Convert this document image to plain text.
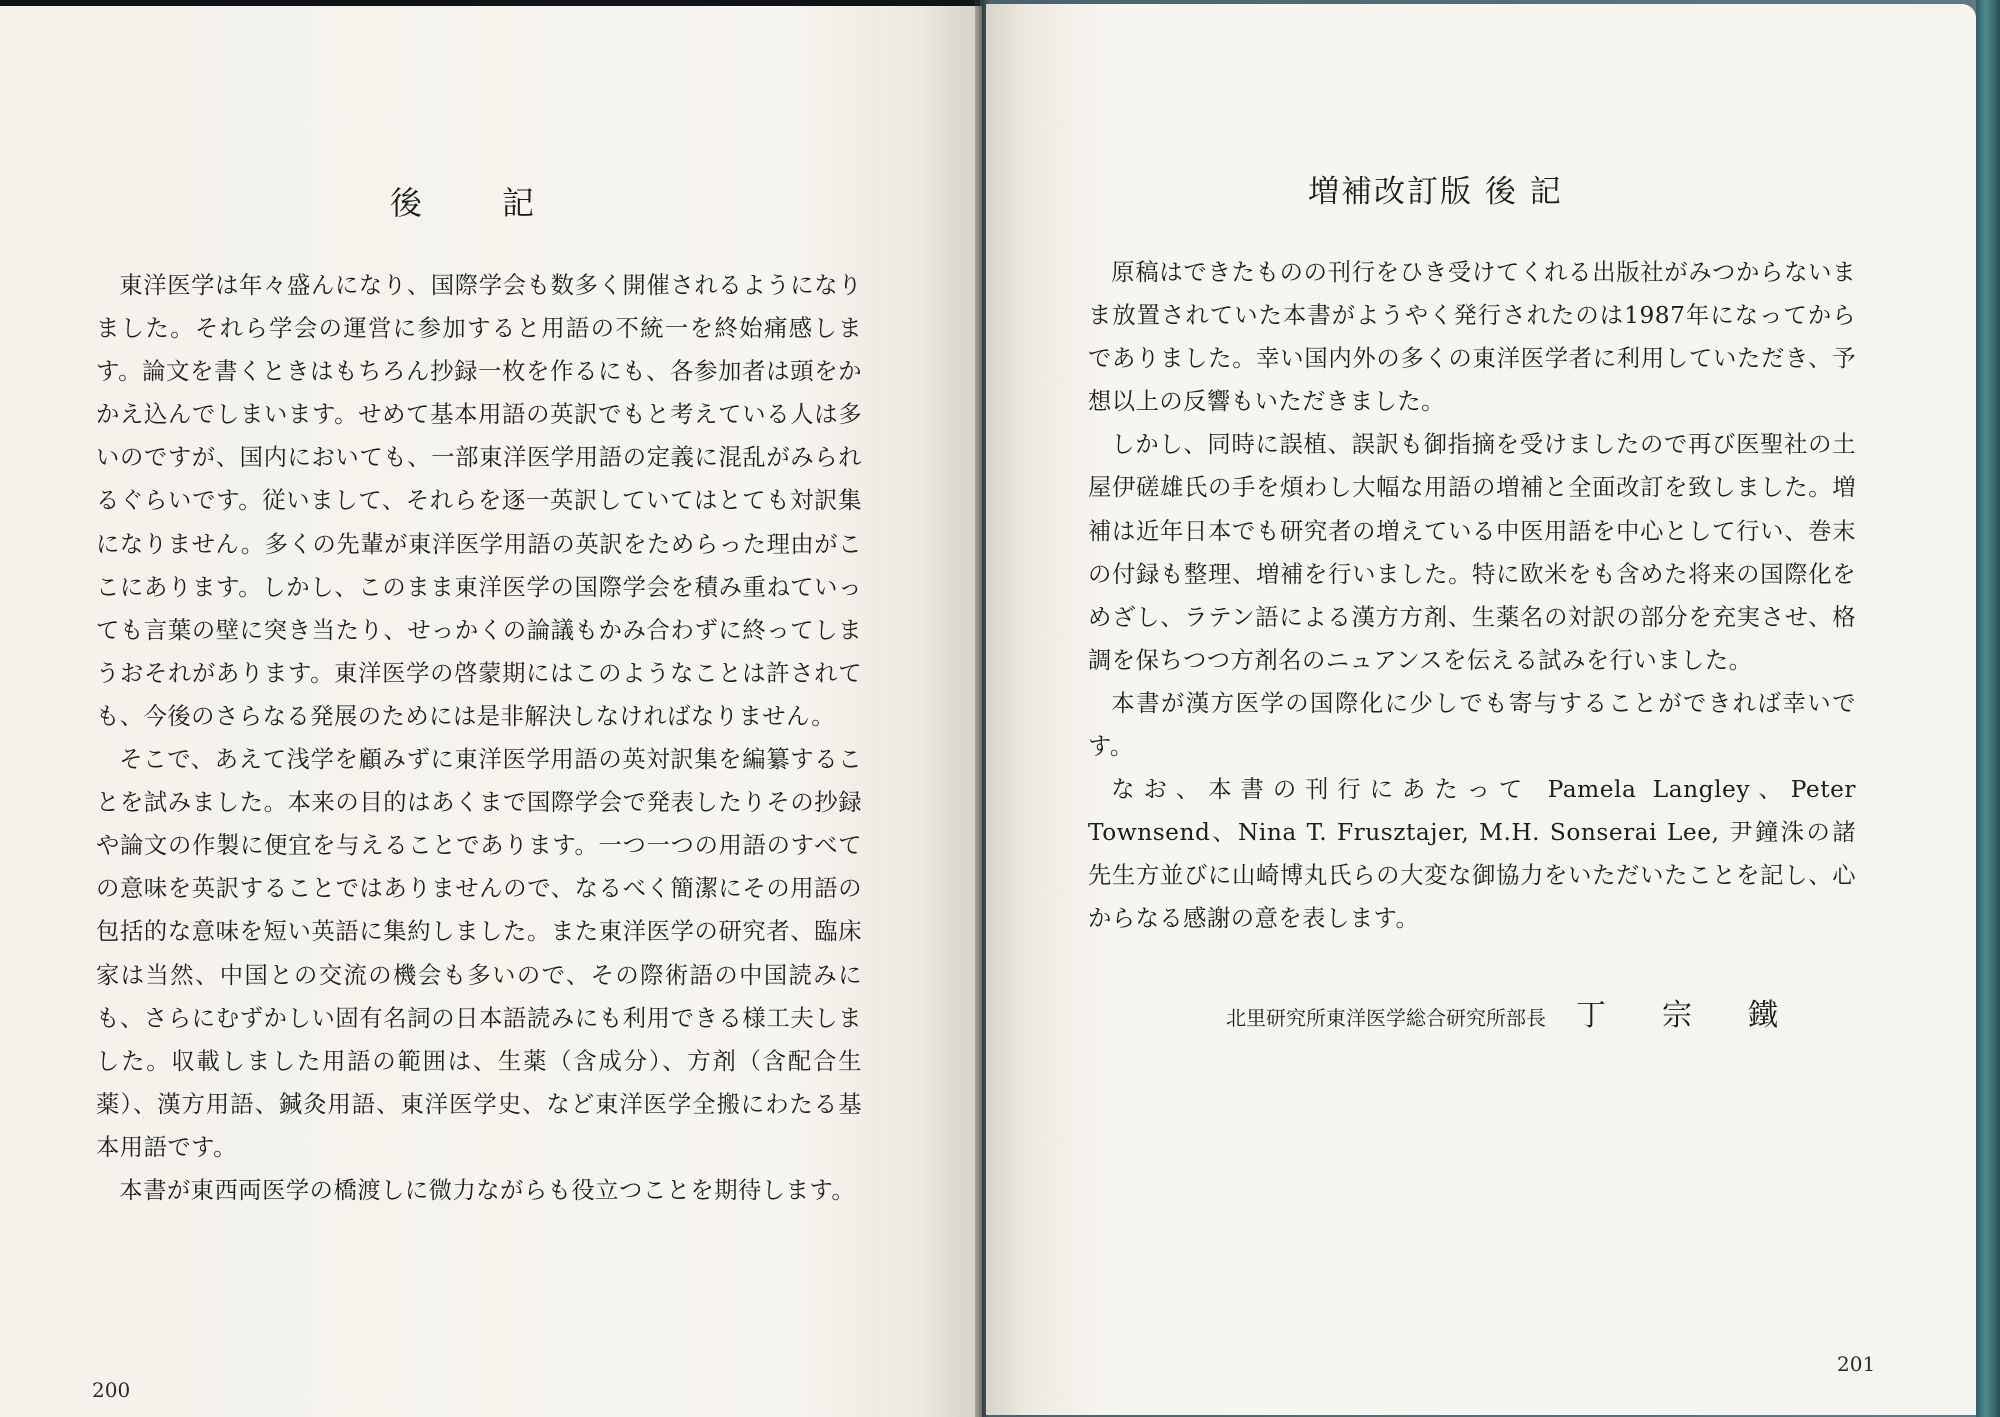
後記

東洋医学は年々盛んになり、国際学会も数多く開催されるようになりました。それら学会の運営に参加すると用語の不統一を終始痛感します。論文を書くときはもちろん抄録一枚を作るにも、各参加者は頭をかかえ込んでしまいます。せめて基本用語の英訳でもと考えている人は多いのですが、国内においても、一部東洋医学用語の定義に混乱がみられるぐらいです。従いまして、それらを逐一英訳していてはとても対訳集になりません。多くの先輩が東洋医学用語の英訳をためらった理由がここにあります。しかし、このまま東洋医学の国際学会を積み重ねていっても言葉の壁に突き当たり、せっかくの論議もかみ合わずに終ってしまうおそれがあります。東洋医学の啓蒙期にはこのようなことは許されても、今後のさらなる発展のためには是非解決しなければなりません。

そこで、あえて浅学を顧みずに東洋医学用語の英対訳集を編纂することを試みました。本来の目的はあくまで国際学会で発表したりその抄録や論文の作製に便宜を与えることであります。一つ一つの用語のすべての意味を英訳することではありませんので、なるべく簡潔にその用語の包括的な意味を短い英語に集約しました。また東洋医学の研究者、臨床家は当然、中国との交流の機会も多いので、その際術語の中国読みにも、さらにむずかしい固有名詞の日本語読みにも利用できる様工夫しました。収載しました用語の範囲は、生薬（含成分）、方剤（含配合生薬）、漢方用語、鍼灸用語、東洋医学史、など東洋医学全搬にわたる基本用語です。

本書が東西両医学の橋渡しに微力ながらも役立つことを期待します。

200
増補改訂版 後 記

原稿はできたものの刊行をひき受けてくれる出版社がみつからないまま放置されていた本書がようやく発行されたのは1987年になってからでありました。幸い国内外の多くの東洋医学者に利用していただき、予想以上の反響もいただきました。

しかし、同時に誤植、誤訳も御指摘を受けましたので再び医聖社の土屋伊磋雄氏の手を煩わし大幅な用語の増補と全面改訂を致しました。増補は近年日本でも研究者の増えている中医用語を中心として行い、巻末の付録も整理、増補を行いました。特に欧米をも含めた将来の国際化をめざし、ラテン語による漢方方剤、生薬名の対訳の部分を充実させ、格調を保ちつつ方剤名のニュアンスを伝える試みを行いました。

本書が漢方医学の国際化に少しでも寄与することができれば幸いです。

なお、本書の刊行にあたって Pamela Langley、Peter Townsend、Nina T. Frusztajer, M.H. Sonserai Lee, 尹鐘洙の諸先生方並びに山崎博丸氏らの大変な御協力をいただいたことを記し、心からなる感謝の意を表します。

北里研究所東洋医学総合研究所部長 丁宗鐵
201
